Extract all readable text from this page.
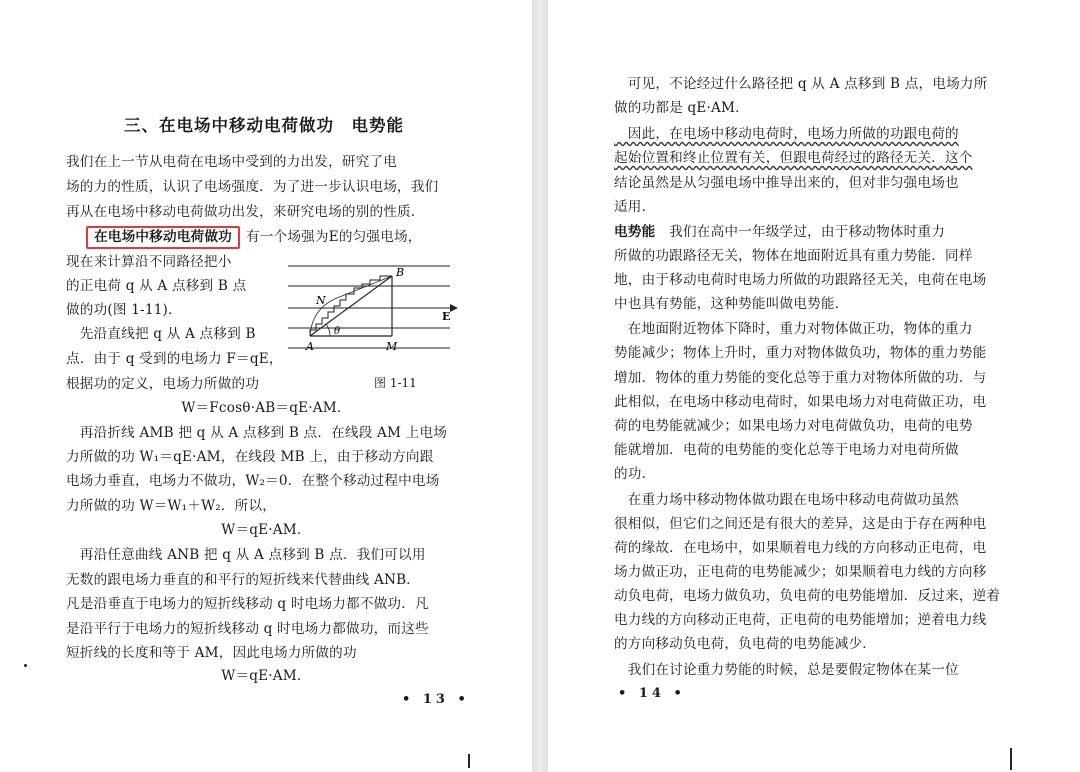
三、在电场中移动电荷做功　电势能
我们在上一节从电荷在电场中受到的力出发，研究了电
场的力的性质，认识了电场强度．为了进一步认识电场，我们
再从在电场中移动电荷做功出发，来研究电场的别的性质．
在电场中移动电荷做功 有一个场强为E的匀强电场，
现在来计算沿不同路径把小
的正电荷 q 从 A 点移到 B 点
做的功(图 1-11)．
　先沿直线把 q 从 A 点移到 B
点．由于 q 受到的电场力 F＝qE，
根据功的定义，电场力所做的功
B
N
E
θ
A	M
图 1-11
W＝Fcosθ·AB＝qE·AM．
　再沿折线 AMB 把 q 从 A 点移到 B 点．在线段 AM 上电场
力所做的功 W₁＝qE·AM，在线段 MB 上，由于移动方向跟
电场力垂直，电场力不做功，W₂＝0．在整个移动过程中电场
力所做的功 W＝W₁＋W₂．所以，
W＝qE·AM．
　再沿任意曲线 ANB 把 q 从 A 点移到 B 点．我们可以用
无数的跟电场力垂直的和平行的短折线来代替曲线 ANB．
凡是沿垂直于电场力的短折线移动 q 时电场力都不做功．凡
是沿平行于电场力的短折线移动 q 时电场力都做功，而这些
短折线的长度和等于 AM，因此电场力所做的功
W＝qE·AM．
• 13 •
　可见，不论经过什么路径把 q 从 A 点移到 B 点，电场力所
做的功都是 qE·AM．
　因此，在电场中移动电荷时，电场力所做的功跟电荷的
起始位置和终止位置有关，但跟电荷经过的路径无关．这个
结论虽然是从匀强电场中推导出来的，但对非匀强电场也
适用．
电势能　我们在高中一年级学过，由于移动物体时重力
所做的功跟路径无关，物体在地面附近具有重力势能．同样
地，由于移动电荷时电场力所做的功跟路径无关，电荷在电场
中也具有势能，这种势能叫做电势能．
　在地面附近物体下降时，重力对物体做正功，物体的重力
势能减少；物体上升时，重力对物体做负功，物体的重力势能
增加．物体的重力势能的变化总等于重力对物体所做的功．与
此相似，在电场中移动电荷时，如果电场力对电荷做正功，电
荷的电势能就减少；如果电场力对电荷做负功，电荷的电势
能就增加．电荷的电势能的变化总等于电场力对电荷所做
的功．
　在重力场中移动物体做功跟在电场中移动电荷做功虽然
很相似，但它们之间还是有很大的差异，这是由于存在两种电
荷的缘故．在电场中，如果顺着电力线的方向移动正电荷，电
场力做正功，正电荷的电势能减少；如果顺着电力线的方向移
动负电荷，电场力做负功，负电荷的电势能增加．反过来，逆着
电力线的方向移动正电荷，正电荷的电势能增加；逆着电力线
的方向移动负电荷，负电荷的电势能减少．
　我们在讨论重力势能的时候，总是要假定物体在某一位
• 14 •
